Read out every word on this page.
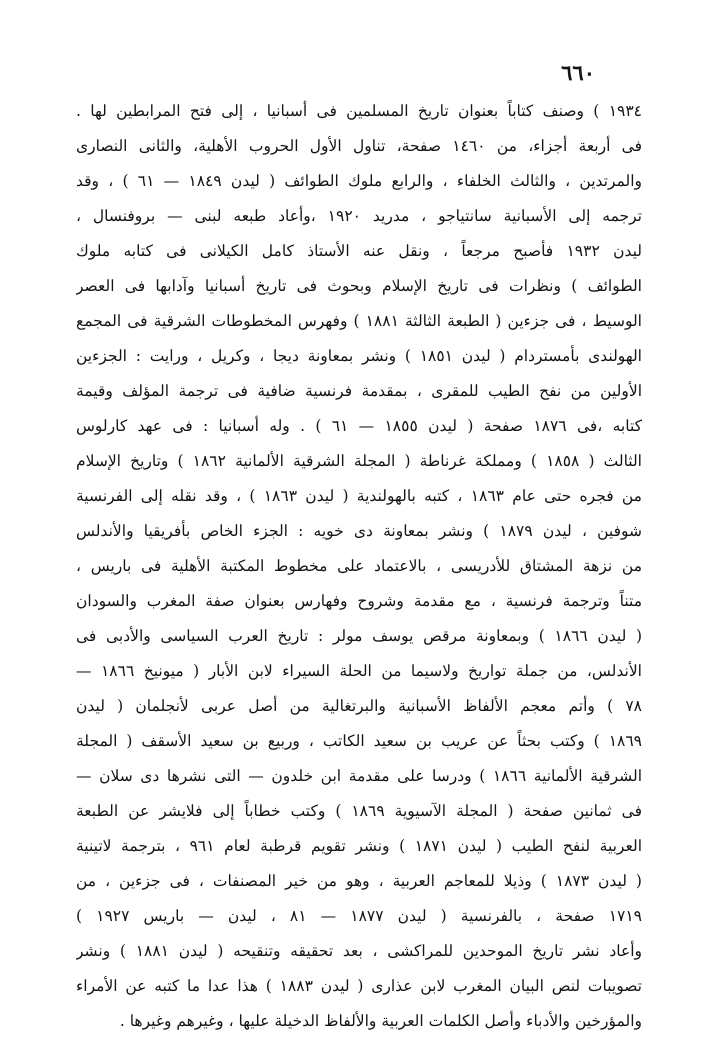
٦٦٠
١٩٣٤ ) وصنف كتاباً بعنوان تاريخ المسلمين فى أسبانيا ، إلى فتح المرابطين لها .
فى أربعة أجزاء، من ١٤٦٠ صفحة، تناول الأول الحروب الأهلية، والثانى النصارى
والمرتدين ، والثالث الخلفاء ، والرابع ملوك الطوائف ( ليدن ١٨٤٩ — ٦١ ) ، وقد
ترجمه إلى الأسبانية سانتياجو ، مدريد ١٩٢٠ ،وأعاد طبعه لبنى — بروفنسال ،
ليدن ١٩٣٢ فأصبح مرجعاً ، ونقل عنه الأستاذ كامل الكيلانى فى كتابه ملوك
الطوائف ) ونظرات فى تاريخ الإسلام وبحوث فى تاريخ أسبانيا وآدابها فى العصر
الوسيط ، فى جزءين ( الطبعة الثالثة ١٨٨١ ) وفهرس المخطوطات الشرقية فى المجمع
الهولندى بأمستردام ( ليدن ١٨٥١ ) ونشر بمعاونة ديجا ، وكريل ، ورايت : الجزءين
الأولين من نفح الطيب للمقرى ، بمقدمة فرنسية ضافية فى ترجمة المؤلف وقيمة
كتابه ،فى ١٨٧٦ صفحة ( ليدن ١٨٥٥ — ٦١ ) . وله أسبانيا : فى عهد كارلوس
الثالث ( ١٨٥٨ ) ومملكة غرناطة ( المجلة الشرقية الألمانية ١٨٦٢ ) وتاريخ الإسلام
من فجره حتى عام ١٨٦٣ ، كتبه بالهولندية ( ليدن ١٨٦٣ ) ، وقد نقله إلى الفرنسية
شوفين ، ليدن ١٨٧٩ ) ونشر بمعاونة دى خويه : الجزء الخاص بأفريقيا والأندلس
من نزهة المشتاق للأدريسى ، بالاعتماد على مخطوط المكتبة الأهلية فى باريس ،
متناً وترجمة فرنسية ، مع مقدمة وشروح وفهارس بعنوان صفة المغرب والسودان
( ليدن ١٨٦٦ ) وبمعاونة مرقص يوسف مولر : تاريخ العرب السياسى والأدبى فى
الأندلس، من جملة تواريخ ولاسيما من الحلة السيراء لابن الأبار ( ميونيخ ١٨٦٦ —
٧٨ ) وأتم معجم الألفاظ الأسبانية والبرتغالية من أصل عربى لأنجلمان ( ليدن
١٨٦٩ ) وكتب بحثاً عن عريب بن سعيد الكاتب ، وربيع بن سعيد الأسقف ( المجلة
الشرقية الألمانية ١٨٦٦ ) ودرسا على مقدمة ابن خلدون — التى نشرها دى سلان —
فى ثمانين صفحة ( المجلة الآسيوية ١٨٦٩ ) وكتب خطاباً إلى فلايشر عن الطبعة
العربية لنفح الطيب ( ليدن ١٨٧١ ) ونشر تقويم قرطبة لعام ٩٦١ ، بترجمة لاتينية
( ليدن ١٨٧٣ ) وذيلا للمعاجم العربية ، وهو من خير المصنفات ، فى جزءين ، من
١٧١٩ صفحة ، بالفرنسية ( ليدن ١٨٧٧ — ٨١ ، ليدن — باريس ١٩٢٧ )
وأعاد نشر تاريخ الموحدين للمراكشى ، بعد تحقيقه وتنقيحه ( ليدن ١٨٨١ ) ونشر
تصويبات لنص البيان المغرب لابن عذارى ( ليدن ١٨٨٣ ) هذا عدا ما كتبه عن الأمراء
والمؤرخين والأدباء وأصل الكلمات العربية والألفاظ الدخيلة عليها ، وغيرهم وغيرها .
